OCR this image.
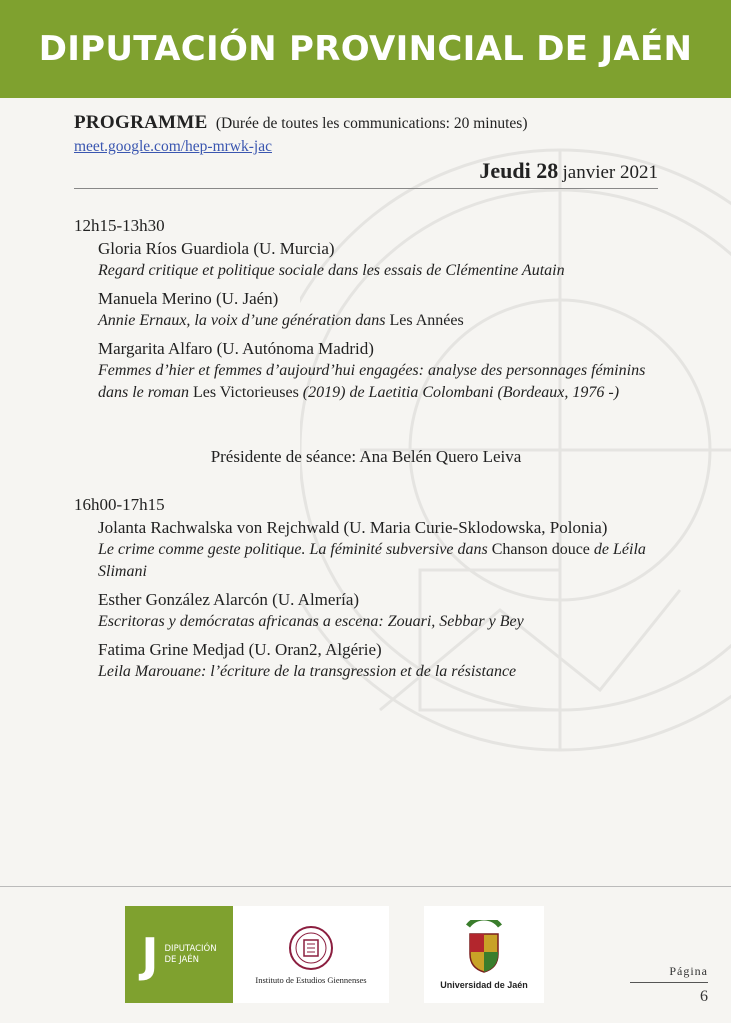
DIPUTACIÓN PROVINCIAL DE JAÉN
PROGRAMME (Durée de toutes les communications: 20 minutes)
meet.google.com/hep-mrwk-jac
Jeudi 28 janvier 2021
12h15-13h30
Gloria Ríos Guardiola (U. Murcia)
Regard critique et politique sociale dans les essais de Clémentine Autain
Manuela Merino (U. Jaén)
Annie Ernaux, la voix d’une génération dans Les Années
Margarita Alfaro (U. Autónoma Madrid)
Femmes d’hier et femmes d’aujourd’hui engagées: analyse des personnages féminins dans le roman Les Victorieuses (2019) de Laetitia Colombani (Bordeaux, 1976 -)
Présidente de séance: Ana Belén Quero Leiva
16h00-17h15
Jolanta Rachwalska von Rejchwald (U. Maria Curie-Sklodowska, Polonia)
Le crime comme geste politique. La féminité subversive dans Chanson douce de Léila Slimani
Esther González Alarcón (U. Almería)
Escritoras y demócratas africanas a escena: Zouari, Sebbar y Bey
Fatima Grine Medjad (U. Oran2, Algérie)
Leila Marouane: l’écriture de la transgression et de la résistance
J DIPUTACIÓN
DE JAÉN
Instituto de Estudios Giennenses	Universidad de Jaén
Página
6
